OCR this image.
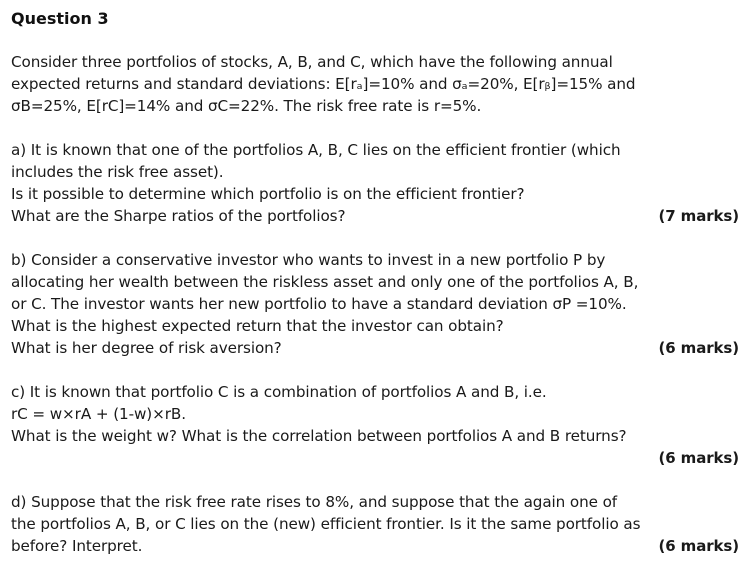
Question 3
Consider three portfolios of stocks, A, B, and C, which have the following annual
expected returns and standard deviations: E[rₐ]=10% and σₐ=20%, E[rᵦ]=15% and
σB=25%, E[rC]=14% and σC=22%. The risk free rate is r=5%.
a) It is known that one of the portfolios A, B, C lies on the efficient frontier (which
includes the risk free asset).
Is it possible to determine which portfolio is on the efficient frontier?
What are the Sharpe ratios of the portfolios?	(7 marks)
b) Consider a conservative investor who wants to invest in a new portfolio P by
allocating her wealth between the riskless asset and only one of the portfolios A, B,
or C. The investor wants her new portfolio to have a standard deviation σP =10%.
What is the highest expected return that the investor can obtain?
What is her degree of risk aversion?	(6 marks)
c) It is known that portfolio C is a combination of portfolios A and B, i.e.
rC = w×rA + (1-w)×rB.
What is the weight w? What is the correlation between portfolios A and B returns?
(6 marks)
d) Suppose that the risk free rate rises to 8%, and suppose that the again one of
the portfolios A, B, or C lies on the (new) efficient frontier. Is it the same portfolio as
before? Interpret.	(6 marks)
